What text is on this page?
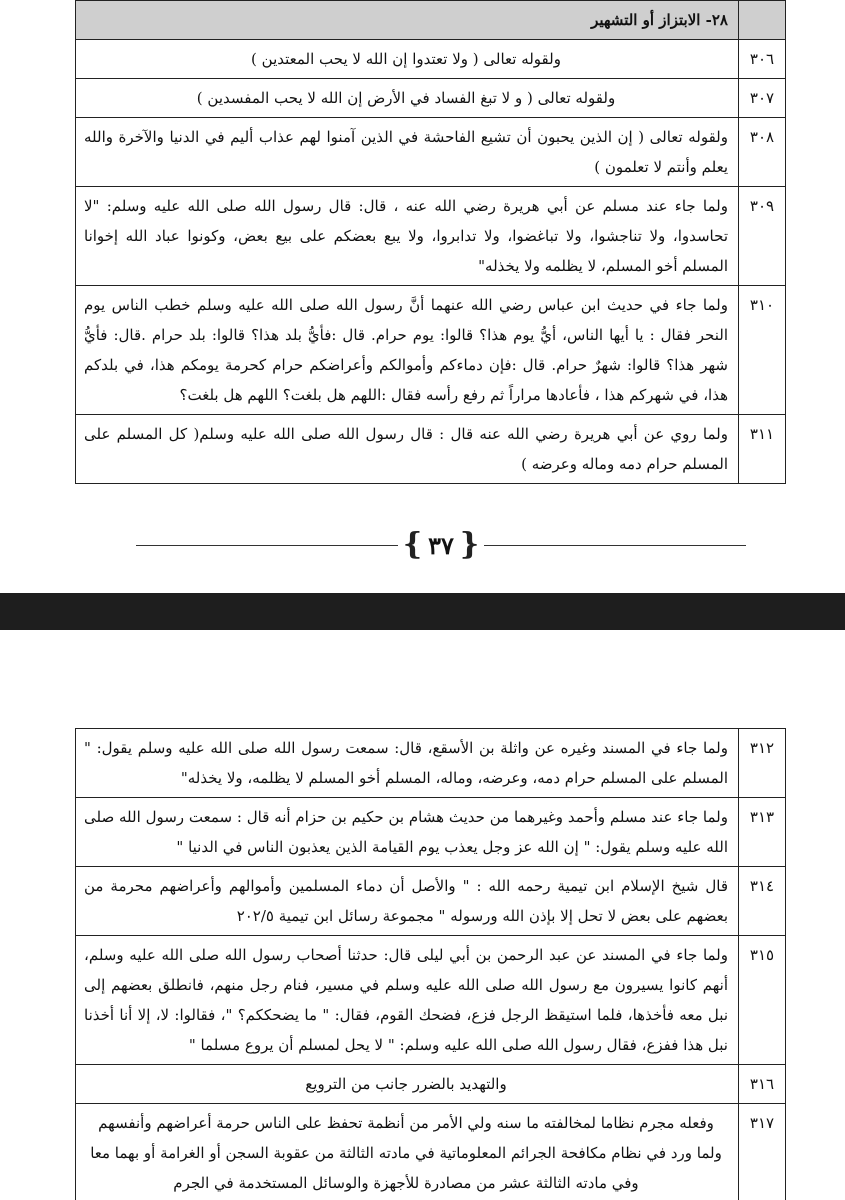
	٢٨- الابتزاز أو التشهير
٣٠٦	ولقوله تعالى ( ولا تعتدوا إن الله لا يحب المعتدين )
٣٠٧	ولقوله تعالى ( و لا تبغ الفساد في الأرض إن الله لا يحب المفسدين )
٣٠٨	ولقوله تعالى ( إن الذين يحبون أن تشيع الفاحشة في الذين آمنوا لهم عذاب أليم في الدنيا والآخرة والله يعلم وأنتم لا تعلمون )
٣٠٩	ولما جاء عند مسلم عن أبي هريرة رضي الله عنه ، قال: قال رسول الله صلى الله عليه وسلم: "لا تحاسدوا، ولا تناجشوا، ولا تباغضوا، ولا تدابروا، ولا يبع بعضكم على بيع بعض، وكونوا عباد الله إخوانا المسلم أخو المسلم، لا يظلمه ولا يخذله"
٣١٠	ولما جاء في حديث ابن عباس رضي الله عنهما أنَّ رسول الله صلى الله عليه وسلم خطب الناس يوم النحر فقال : يا أيها الناس، أيُّ يوم هذا؟ قالوا: يوم حرام. قال :فأيُّ بلد هذا؟ قالوا: بلد حرام .قال: فأيُّ شهر هذا؟ قالوا: شهرٌ حرام. قال :فإن دماءكم وأموالكم وأعراضكم حرام كحرمة يومكم هذا، في بلدكم هذا، في شهركم هذا ، فأعادها مراراً ثم رفع رأسه فقال :اللهم هل بلغت؟ اللهم هل بلغت؟
٣١١	ولما روي عن أبي هريرة رضي الله عنه قال : قال رسول الله صلى الله عليه وسلم( كل المسلم على المسلم حرام دمه وماله وعرضه )
{ ٣٧ }
٣١٢	ولما جاء في المسند وغيره عن واثلة بن الأسقع، قال: سمعت رسول الله صلى الله عليه وسلم يقول: " المسلم على المسلم حرام دمه، وعرضه، وماله، المسلم أخو المسلم لا يظلمه، ولا يخذله"
٣١٣	ولما جاء عند مسلم وأحمد وغيرهما من حديث هشام بن حكيم بن حزام أنه قال : سمعت رسول الله صلى الله عليه وسلم يقول: " إن الله عز وجل يعذب يوم القيامة الذين يعذبون الناس في الدنيا "
٣١٤	قال شيخ الإسلام ابن تيمية رحمه الله : " والأصل أن دماء المسلمين وأموالهم وأعراضهم محرمة من بعضهم على بعض لا تحل إلا بإذن الله ورسوله " مجموعة رسائل ابن تيمية ٢٠٢/٥
٣١٥	ولما جاء في المسند عن عبد الرحمن بن أبي ليلى قال: حدثنا أصحاب رسول الله صلى الله عليه وسلم، أنهم كانوا يسيرون مع رسول الله صلى الله عليه وسلم في مسير، فنام رجل منهم، فانطلق بعضهم إلى نبل معه فأخذها، فلما استيقظ الرجل فزع، فضحك القوم، فقال: " ما يضحككم؟ "، فقالوا: لا، إلا أنا أخذنا نبل هذا ففزع، فقال رسول الله صلى الله عليه وسلم: " لا يحل لمسلم أن يروع مسلما "
٣١٦	والتهديد بالضرر جانب من الترويع
٣١٧	وفعله مجرم نظاما لمخالفته ما سنه ولي الأمر من أنظمة تحفظ على الناس حرمة أعراضهم وأنفسهم ولما ورد في نظام مكافحة الجرائم المعلوماتية في مادته الثالثة من عقوبة السجن أو الغرامة أو بهما معا وفي مادته الثالثة عشر من مصادرة للأجهزة والوسائل المستخدمة في الجرم
